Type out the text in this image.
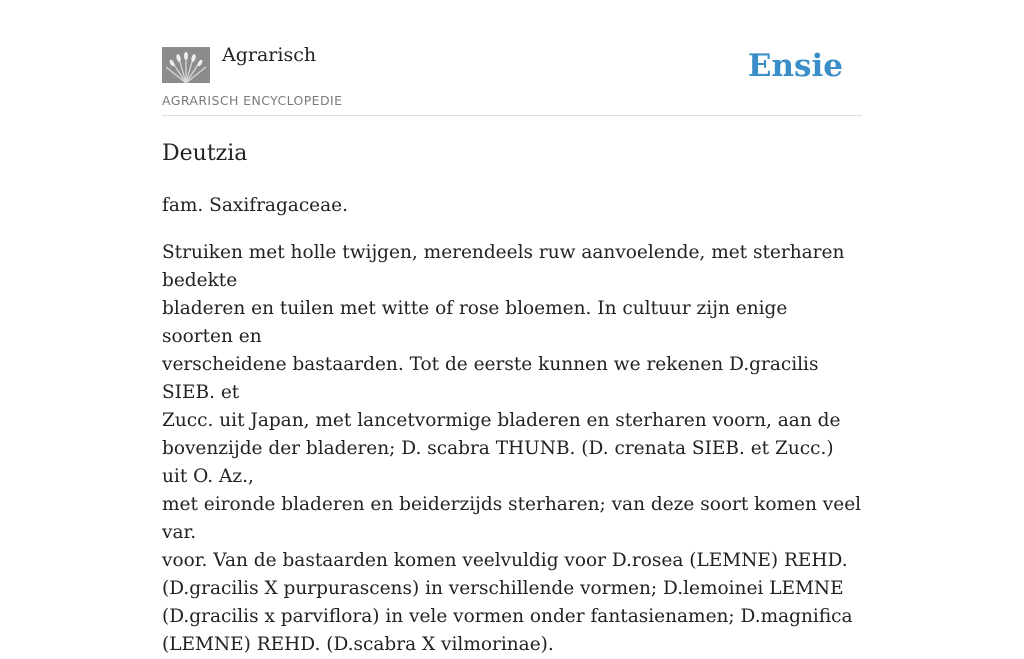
Agrarisch
AGRARISCH ENCYCLOPEDIE
Ensie
Deutzia

fam. Saxifragaceae.

Struiken met holle twijgen, merendeels ruw aanvoelende, met sterharen bedekte
bladeren en tuilen met witte of rose bloemen. In cultuur zijn enige soorten en
verscheidene bastaarden. Tot de eerste kunnen we rekenen D.gracilis SIEB. et
Zucc. uit Japan, met lancetvormige bladeren en sterharen voorn, aan de
bovenzijde der bladeren; D. scabra THUNB. (D. crenata SIEB. et Zucc.) uit O. Az.,
met eironde bladeren en beiderzijds sterharen; van deze soort komen veel var.
voor. Van de bastaarden komen veelvuldig voor D.rosea (LEMNE) REHD.
(D.gracilis X purpurascens) in verschillende vormen; D.lemoinei LEMNE
(D.gracilis x parviflora) in vele vormen onder fantasienamen; D.magnifica
(LEMNE) REHD. (D.scabra X vilmorinae).
